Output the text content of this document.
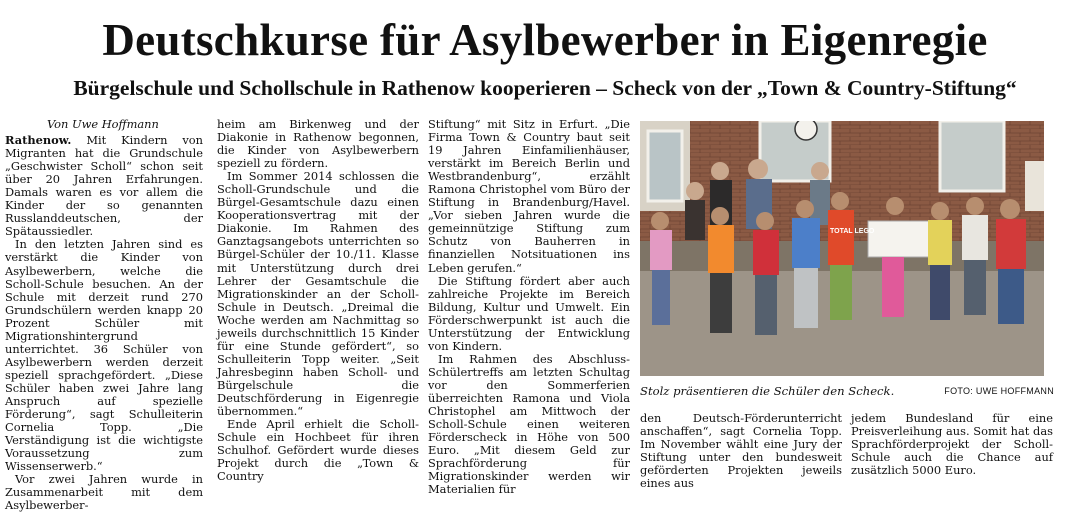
Deutschkurse für Asylbewerber in Eigenregie
Bürgelschule und Schollschule in Rathenow kooperieren – Scheck von der „Town & Country-Stiftung“

Von Uwe Hoffmann

Rathenow. Mit Kindern von Migranten hat die Grundschule „Geschwister Scholl“ schon seit über 20 Jahren Erfahrungen. Damals waren es vor allem die Kinder der so genannten Russlanddeutschen, der Spätaussiedler.

In den letzten Jahren sind es verstärkt die Kinder von Asylbewerbern, welche die Scholl-Schule besuchen. An der Schule mit derzeit rund 270 Grundschülern werden knapp 20 Prozent Schüler mit Migrationshintergrund unterrichtet. 36 Schüler von Asylbewerbern werden derzeit speziell sprachgefördert. „Diese Schüler haben zwei Jahre lang Anspruch auf spezielle Förderung“, sagt Schulleiterin Cornelia Topp. „Die Verständigung ist die wichtigste Voraussetzung zum Wissenserwerb.“

Vor zwei Jahren wurde in Zusammenarbeit mit dem Asylbewerber-

heim am Birkenweg und der Diakonie in Rathenow begonnen, die Kinder von Asylbewerbern speziell zu fördern.

Im Sommer 2014 schlossen die Scholl-Grundschule und die Bürgel-Gesamtschule dazu einen Kooperationsvertrag mit der Diakonie. Im Rahmen des Ganztagsangebots unterrichten so Bürgel-Schüler der 10./11. Klasse mit Unterstützung durch drei Lehrer der Gesamtschule die Migrationskinder an der Scholl-Schule in Deutsch. „Dreimal die Woche werden am Nachmittag so jeweils durchschnittlich 15 Kinder für eine Stunde gefördert“, so Schulleiterin Topp weiter. „Seit Jahresbeginn haben Scholl- und Bürgelschule die Deutschförderung in Eigenregie übernommen.“

Ende April erhielt die Scholl-Schule ein Hochbeet für ihren Schulhof. Gefördert wurde dieses Projekt durch die „Town & Country

Stiftung“ mit Sitz in Erfurt. „Die Firma Town & Country baut seit 19 Jahren Einfamilienhäuser, verstärkt im Bereich Berlin und Westbrandenburg“, erzählt Ramona Christophel vom Büro der Stiftung in Brandenburg/Havel. „Vor sieben Jahren wurde die gemeinnützige Stiftung zum Schutz von Bauherren in finanziellen Notsituationen ins Leben gerufen.“

Die Stiftung fördert aber auch zahlreiche Projekte im Bereich Bildung, Kultur und Umwelt. Ein Förderschwerpunkt ist auch die Unterstützung der Entwicklung von Kindern.

Im Rahmen des Abschluss-Schülertreffs am letzten Schultag vor den Sommerferien überreichten Ramona und Viola Christophel am Mittwoch der Scholl-Schule einen weiteren Förderscheck in Höhe von 500 Euro. „Mit diesem Geld zur Sprachförderung für Migrationskinder werden wir Materialien für

TOTAL LEGO
Stolz präsentieren die Schüler den Scheck.	FOTO: UWE HOFFMANN

den Deutsch-Förderunterricht anschaffen“, sagt Cornelia Topp. Im November wählt eine Jury der Stiftung unter den bundesweit geförderten Projekten jeweils eines aus

jedem Bundesland für eine Preisverleihung aus. Somit hat das Sprachförderprojekt der Scholl-Schule auch die Chance auf zusätzlich 5000 Euro.
